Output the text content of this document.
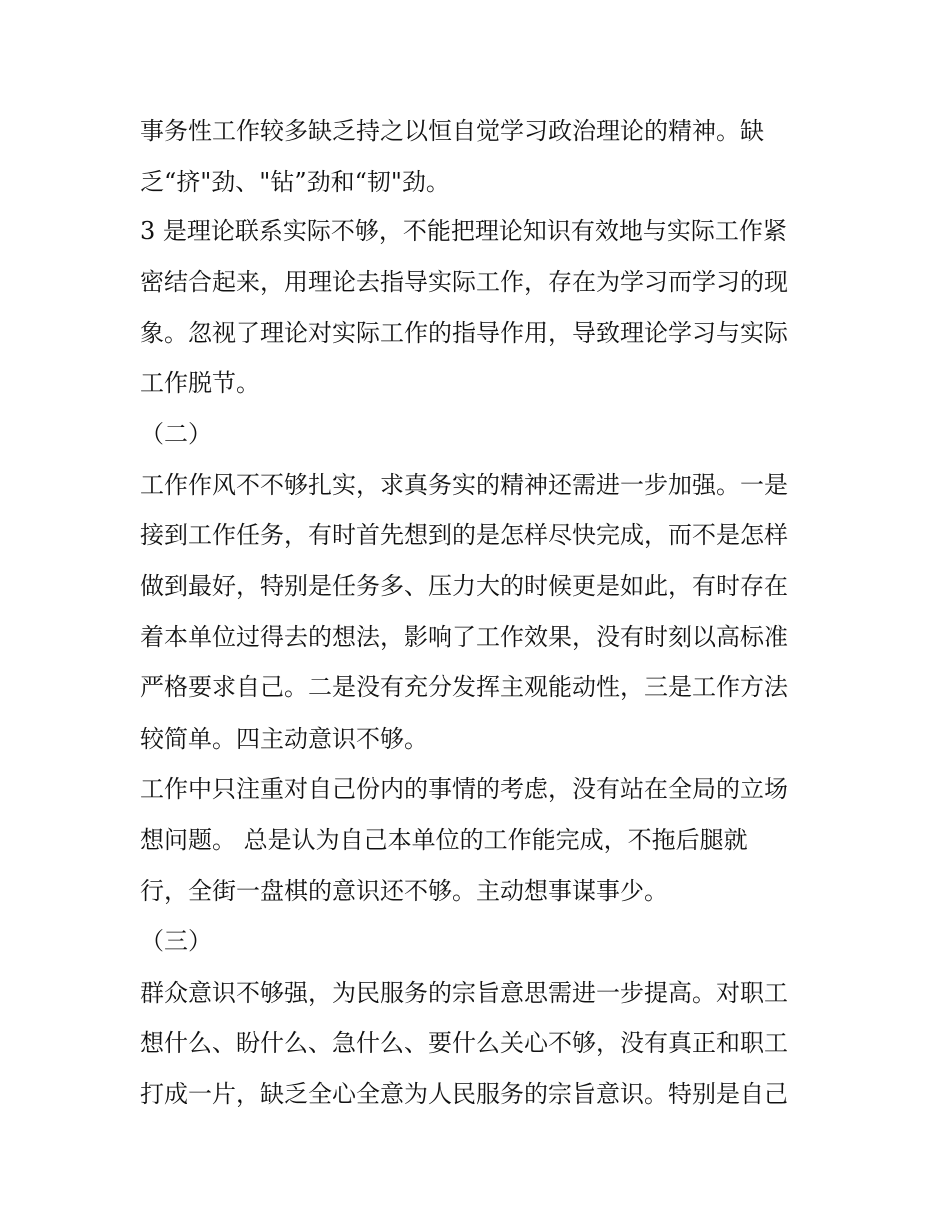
事务性工作较多缺乏持之以恒自觉学习政治理论的精神。缺
乏“挤"劲、"钻”劲和“韧"劲。
3 是理论联系实际不够，不能把理论知识有效地与实际工作紧
密结合起来，用理论去指导实际工作，存在为学习而学习的现
象。忽视了理论对实际工作的指导作用，导致理论学习与实际
工作脱节。
（二）
工作作风不不够扎实，求真务实的精神还需进一步加强。一是
接到工作任务，有时首先想到的是怎样尽快完成，而不是怎样
做到最好，特别是任务多、压力大的时候更是如此，有时存在
着本单位过得去的想法，影响了工作效果，没有时刻以高标准
严格要求自己。二是没有充分发挥主观能动性，三是工作方法
较简单。四主动意识不够。
工作中只注重对自己份内的事情的考虑，没有站在全局的立场
想问题。 总是认为自己本单位的工作能完成，不拖后腿就
行，全街一盘棋的意识还不够。主动想事谋事少。
（三）
群众意识不够强，为民服务的宗旨意思需进一步提高。对职工
想什么、盼什么、急什么、要什么关心不够，没有真正和职工
打成一片，缺乏全心全意为人民服务的宗旨意识。特别是自己
